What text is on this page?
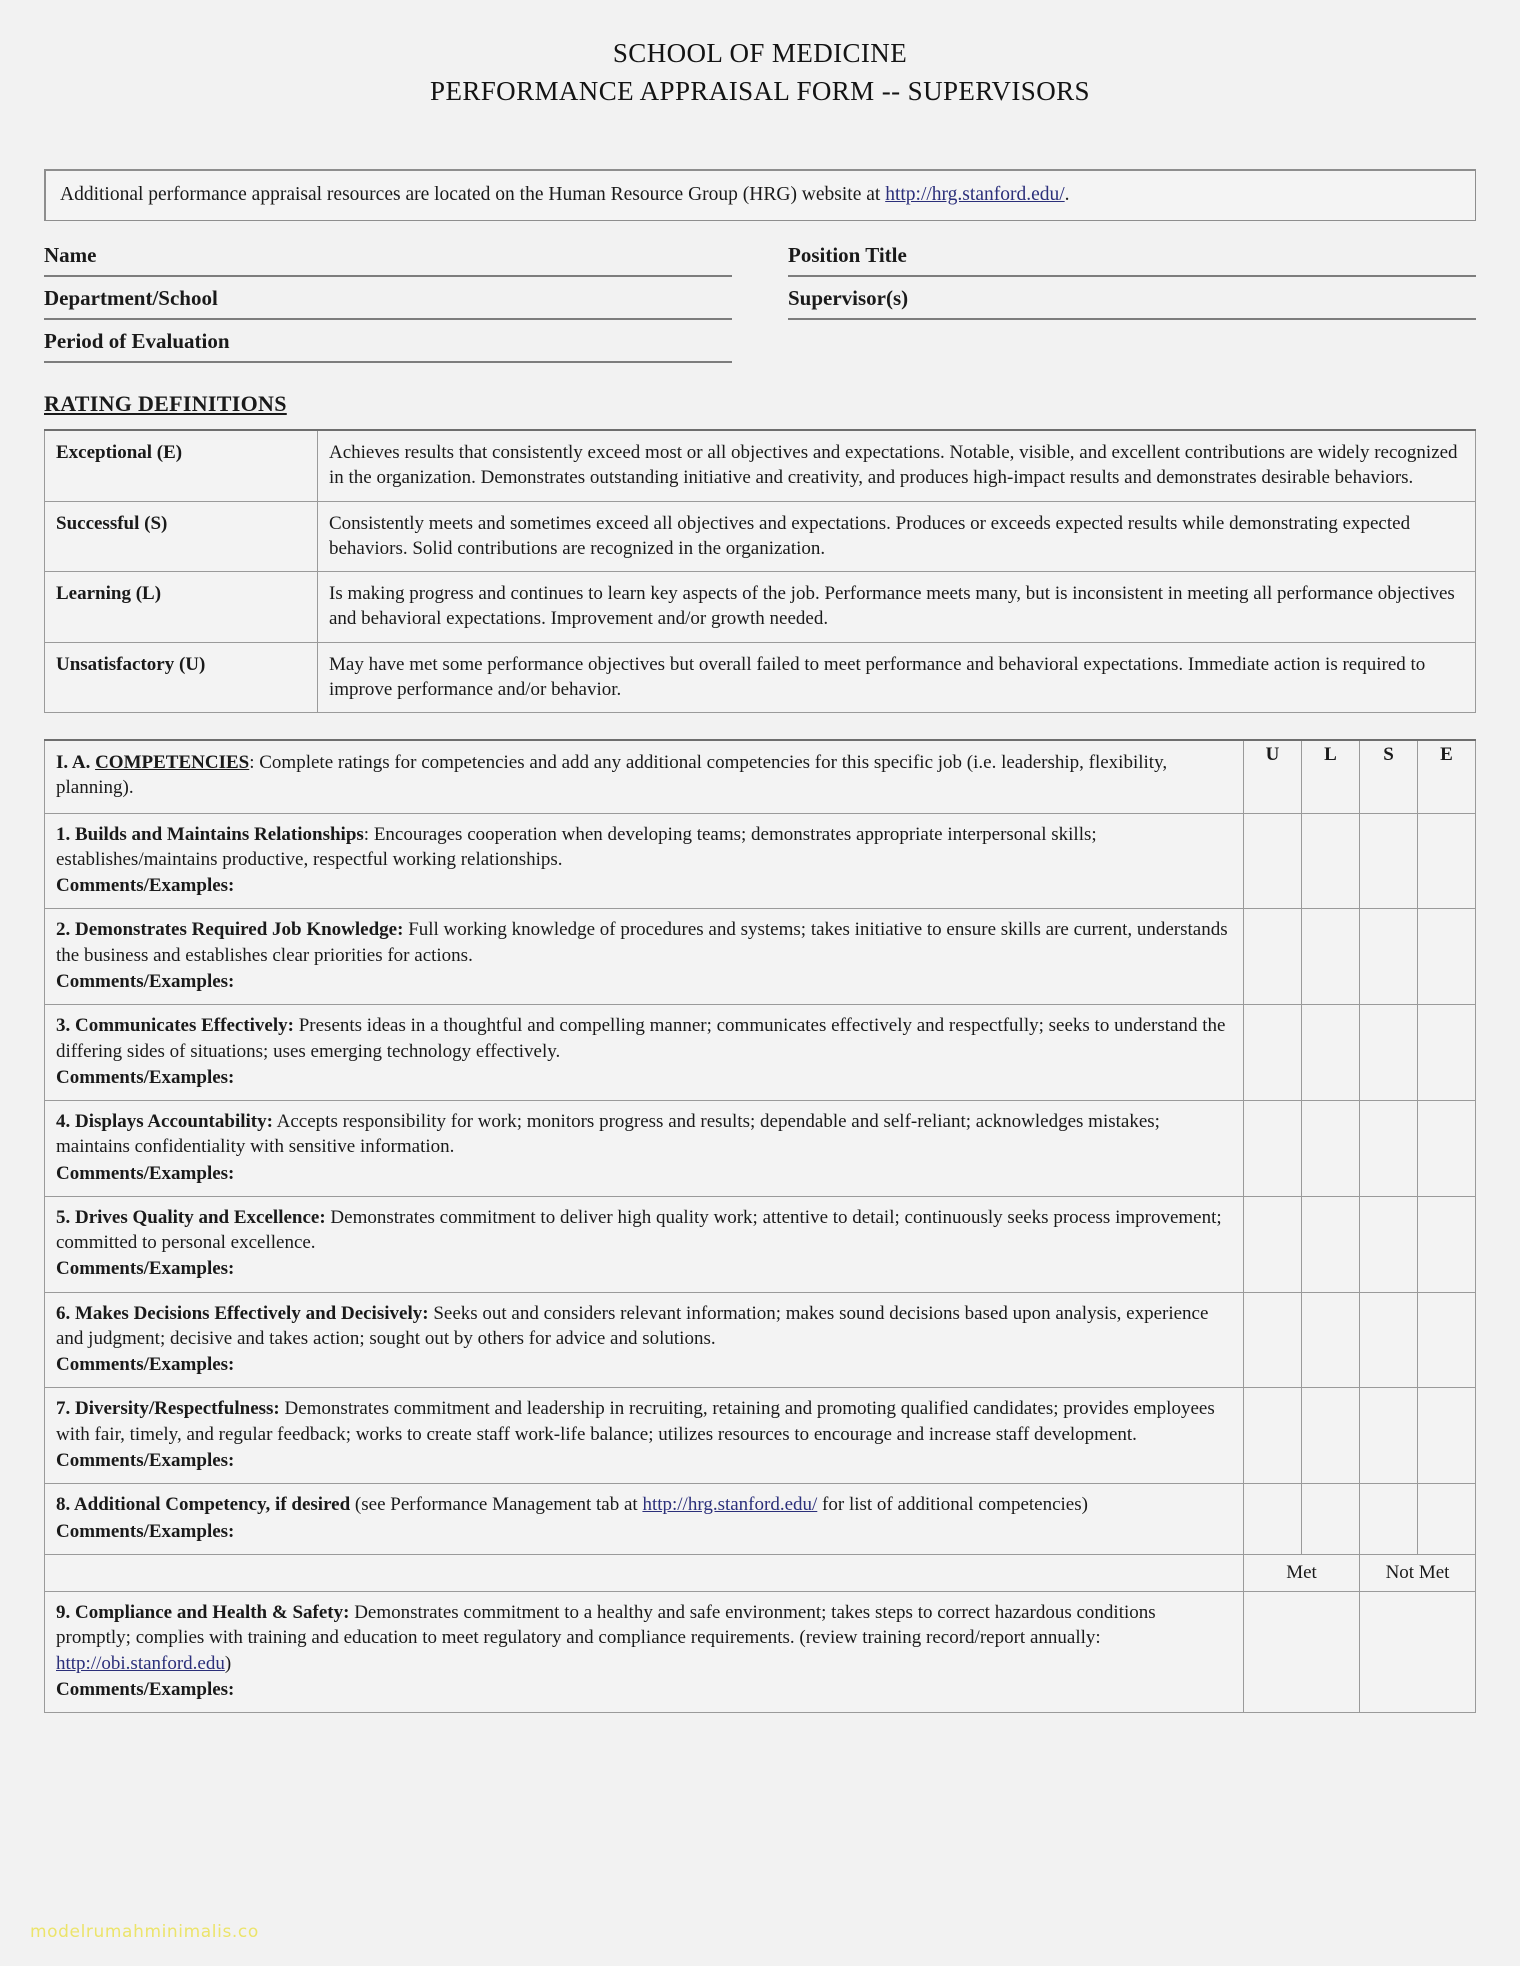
SCHOOL OF MEDICINE
PERFORMANCE APPRAISAL FORM -- SUPERVISORS
Additional performance appraisal resources are located on the Human Resource Group (HRG) website at http://hrg.stanford.edu/.
Name	Position Title
Department/School	Supervisor(s)
Period of Evaluation
RATING DEFINITIONS
Exceptional (E)	Achieves results that consistently exceed most or all objectives and expectations. Notable, visible, and excellent contributions are widely recognized in the organization. Demonstrates outstanding initiative and creativity, and produces high-impact results and demonstrates desirable behaviors.
Successful (S)	Consistently meets and sometimes exceed all objectives and expectations. Produces or exceeds expected results while demonstrating expected behaviors. Solid contributions are recognized in the organization.
Learning (L)	Is making progress and continues to learn key aspects of the job. Performance meets many, but is inconsistent in meeting all performance objectives and behavioral expectations. Improvement and/or growth needed.
Unsatisfactory (U)	May have met some performance objectives but overall failed to meet performance and behavioral expectations. Immediate action is required to improve performance and/or behavior.
I. A. COMPETENCIES: Complete ratings for competencies and add any additional competencies for this specific job (i.e. leadership, flexibility, planning).	U	L	S	E
1. Builds and Maintains Relationships: Encourages cooperation when developing teams; demonstrates appropriate interpersonal skills; establishes/maintains productive, respectful working relationships.
Comments/Examples:				

2. Demonstrates Required Job Knowledge: Full working knowledge of procedures and systems; takes initiative to ensure skills are current, understands the business and establishes clear priorities for actions.
Comments/Examples:				

3. Communicates Effectively: Presents ideas in a thoughtful and compelling manner; communicates effectively and respectfully; seeks to understand the differing sides of situations; uses emerging technology effectively.
Comments/Examples:				

4. Displays Accountability: Accepts responsibility for work; monitors progress and results; dependable and self-reliant; acknowledges mistakes; maintains confidentiality with sensitive information.
Comments/Examples:				

5. Drives Quality and Excellence: Demonstrates commitment to deliver high quality work; attentive to detail; continuously seeks process improvement; committed to personal excellence.
Comments/Examples:				

6. Makes Decisions Effectively and Decisively: Seeks out and considers relevant information; makes sound decisions based upon analysis, experience and judgment; decisive and takes action; sought out by others for advice and solutions.
Comments/Examples:				

7. Diversity/Respectfulness: Demonstrates commitment and leadership in recruiting, retaining and promoting qualified candidates; provides employees with fair, timely, and regular feedback; works to create staff work-life balance; utilizes resources to encourage and increase staff development.
Comments/Examples:				

8. Additional Competency, if desired (see Performance Management tab at http://hrg.stanford.edu/ for list of additional competencies)
Comments/Examples:				

	Met		Not Met	
9. Compliance and Health & Safety: Demonstrates commitment to a healthy and safe environment; takes steps to correct hazardous conditions promptly; complies with training and education to meet regulatory and compliance requirements. (review training record/report annually: http://obi.stanford.edu)
Comments/Examples:				

modelrumahminimalis.co
